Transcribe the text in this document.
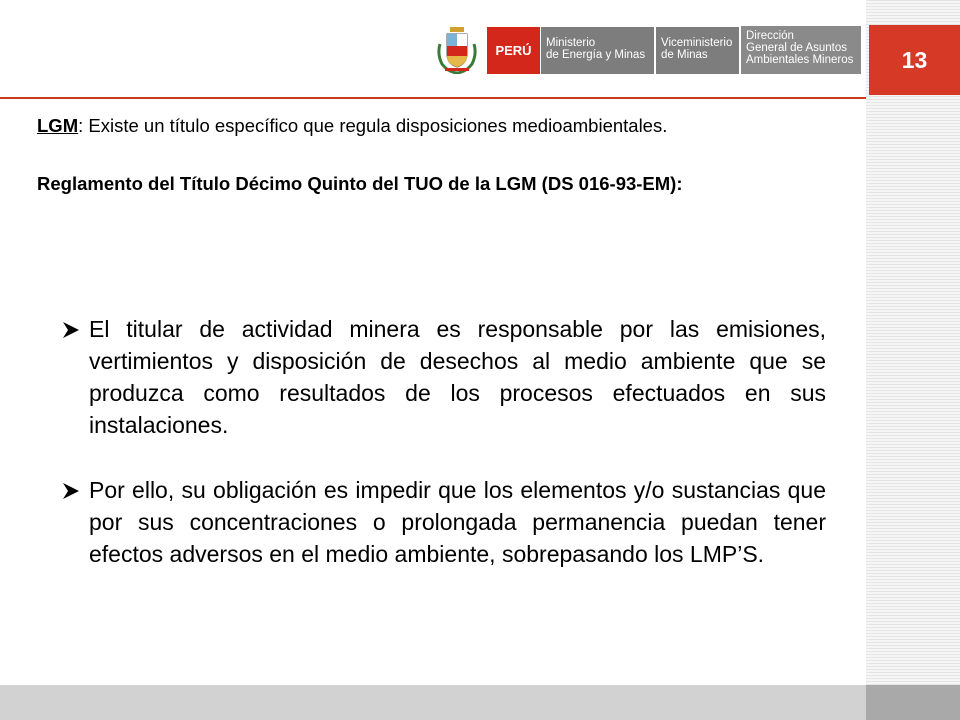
13
PERÚ	Ministerio
de Energía y Minas
Viceministerio
de Minas
Dirección
General de Asuntos
Ambientales Mineros

LGM: Existe un título específico que regula disposiciones medioambientales.

Reglamento del Título Décimo Quinto del TUO de la LGM (DS 016-93-EM):

El titular de actividad minera es responsable por las emisiones, vertimientos y disposición de desechos al medio ambiente que se produzca como resultados de los procesos efectuados en sus instalaciones.

Por ello, su obligación es impedir que los elementos y/o sustancias que por sus concentraciones o prolongada permanencia puedan tener efectos adversos en el medio ambiente, sobrepasando los LMP’S.
